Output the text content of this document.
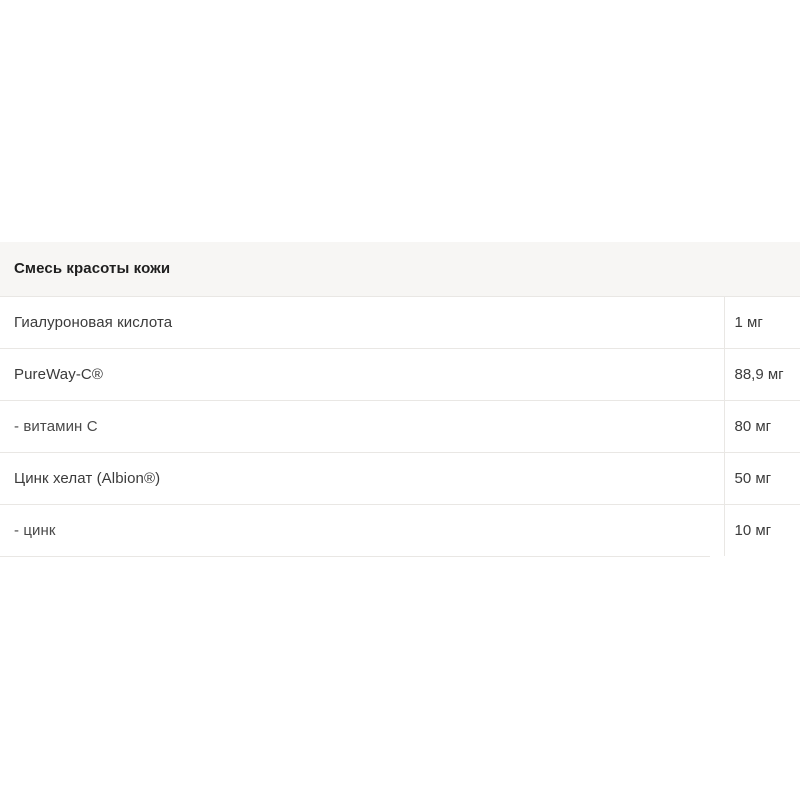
Смесь красоты кожи	
Гиалуроновая кислота	1 мг
PureWay-C®	88,9 мг
- витамин C	80 мг
Цинк хелат (Albion®)	50 мг
- цинк	10 мг
